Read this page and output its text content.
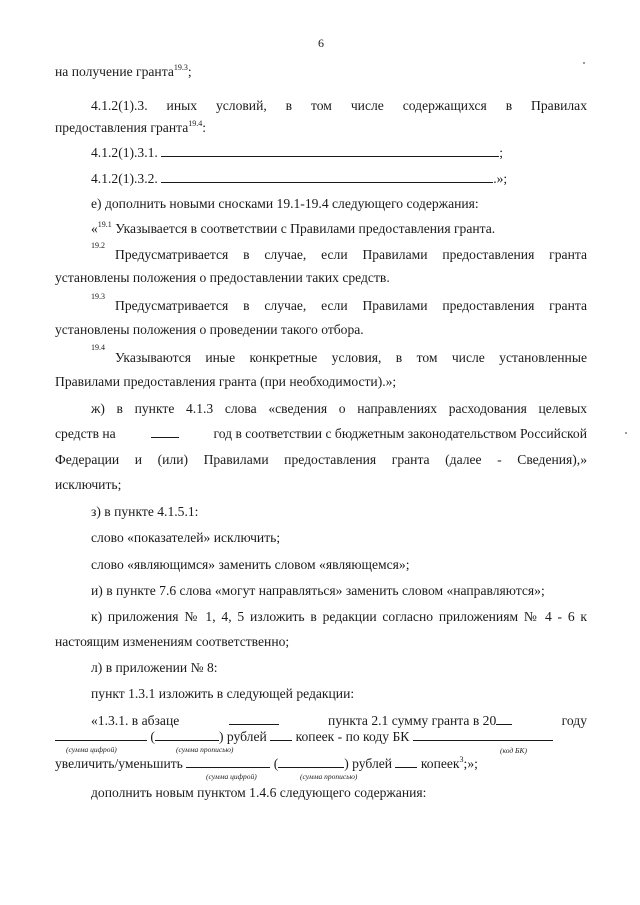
6
на получение гранта$^{19.3}$;
4.1.2(1).3. иных условий, в том числе содержащихся в Правилах
предоставления гранта$^{19.4}$:
4.1.2(1).3.1.	;
4.1.2(1).3.2.	.»;
е) дополнить новыми сносками 19.1-19.4 следующего содержания:
«$^{19.1}$ Указывается в соответствии с Правилами предоставления гранта.
19.2
Предусматривается в случае, если Правилами предоставления гранта
установлены положения о предоставлении таких средств.
19.3
Предусматривается в случае, если Правилами предоставления гранта
установлены положения о проведении такого отбора.
19.4
Указываются иные конкретные условия, в том числе установленные
Правилами предоставления гранта (при необходимости).»;
ж) в пункте 4.1.3 слова «сведения о направлениях расходования целевых
средств на	год в соответствии с бюджетным законодательством Российской
Федерации и (или) Правилами предоставления гранта (далее - Сведения),»
исключить;
з) в пункте 4.1.5.1:
слово «показателей» исключить;
слово «являющимся» заменить словом «являющемся»;
и) в пункте 7.6 слова «могут направляться» заменить словом «направляются»;
к) приложения № 1, 4, 5 изложить в редакции согласно приложениям № 4 - 6 к
настоящим изменениям соответственно;
л) в приложении № 8:
пункт 1.3.1 изложить в следующей редакции:
«1.3.1. в абзаце	пункта 2.1 сумму гранта в 20	году
(	) рублей копеек - по коду БК
(сумма цифрой)	(сумма прописью)	(код БК)
увеличить/уменьшить	(	) рублей копеек$^3$;»;
(сумма цифрой)	(сумма прописью)
дополнить новым пунктом 1.4.6 следующего содержания:
